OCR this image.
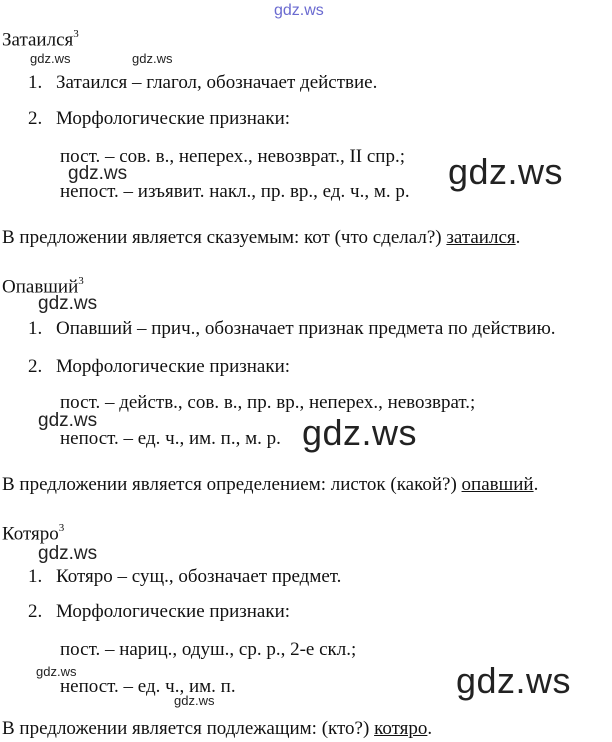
gdz.ws
Затаился$^3$
gdz.ws	gdz.ws
1. Затаился – глагол, обозначает действие.
2. Морфологические признаки:
пост. – сов. в., неперех., невозврат., II спр.;
gdz.ws	gdz.ws
непост. – изъявит. накл., пр. вр., ед. ч., м. р.
В предложении является сказуемым: кот (что сделал?) затаился.
Опавший$^3$
gdz.ws
1. Опавший – прич., обозначает признак предмета по действию.
2. Морфологические признаки:
пост. – действ., сов. в., пр. вр., неперех., невозврат.;
gdz.ws
непост. – ед. ч., им. п., м. р. gdz.ws
В предложении является определением: листок (какой?) опавший.
Котяро$^3$
gdz.ws
1. Котяро – сущ., обозначает предмет.
2. Морфологические признаки:
пост. – нариц., одуш., ср. р., 2-е скл.;
gdz.ws
непост. – ед. ч., им. п.
gdz.ws	gdz.ws
В предложении является подлежащим: (кто?) котяро.
